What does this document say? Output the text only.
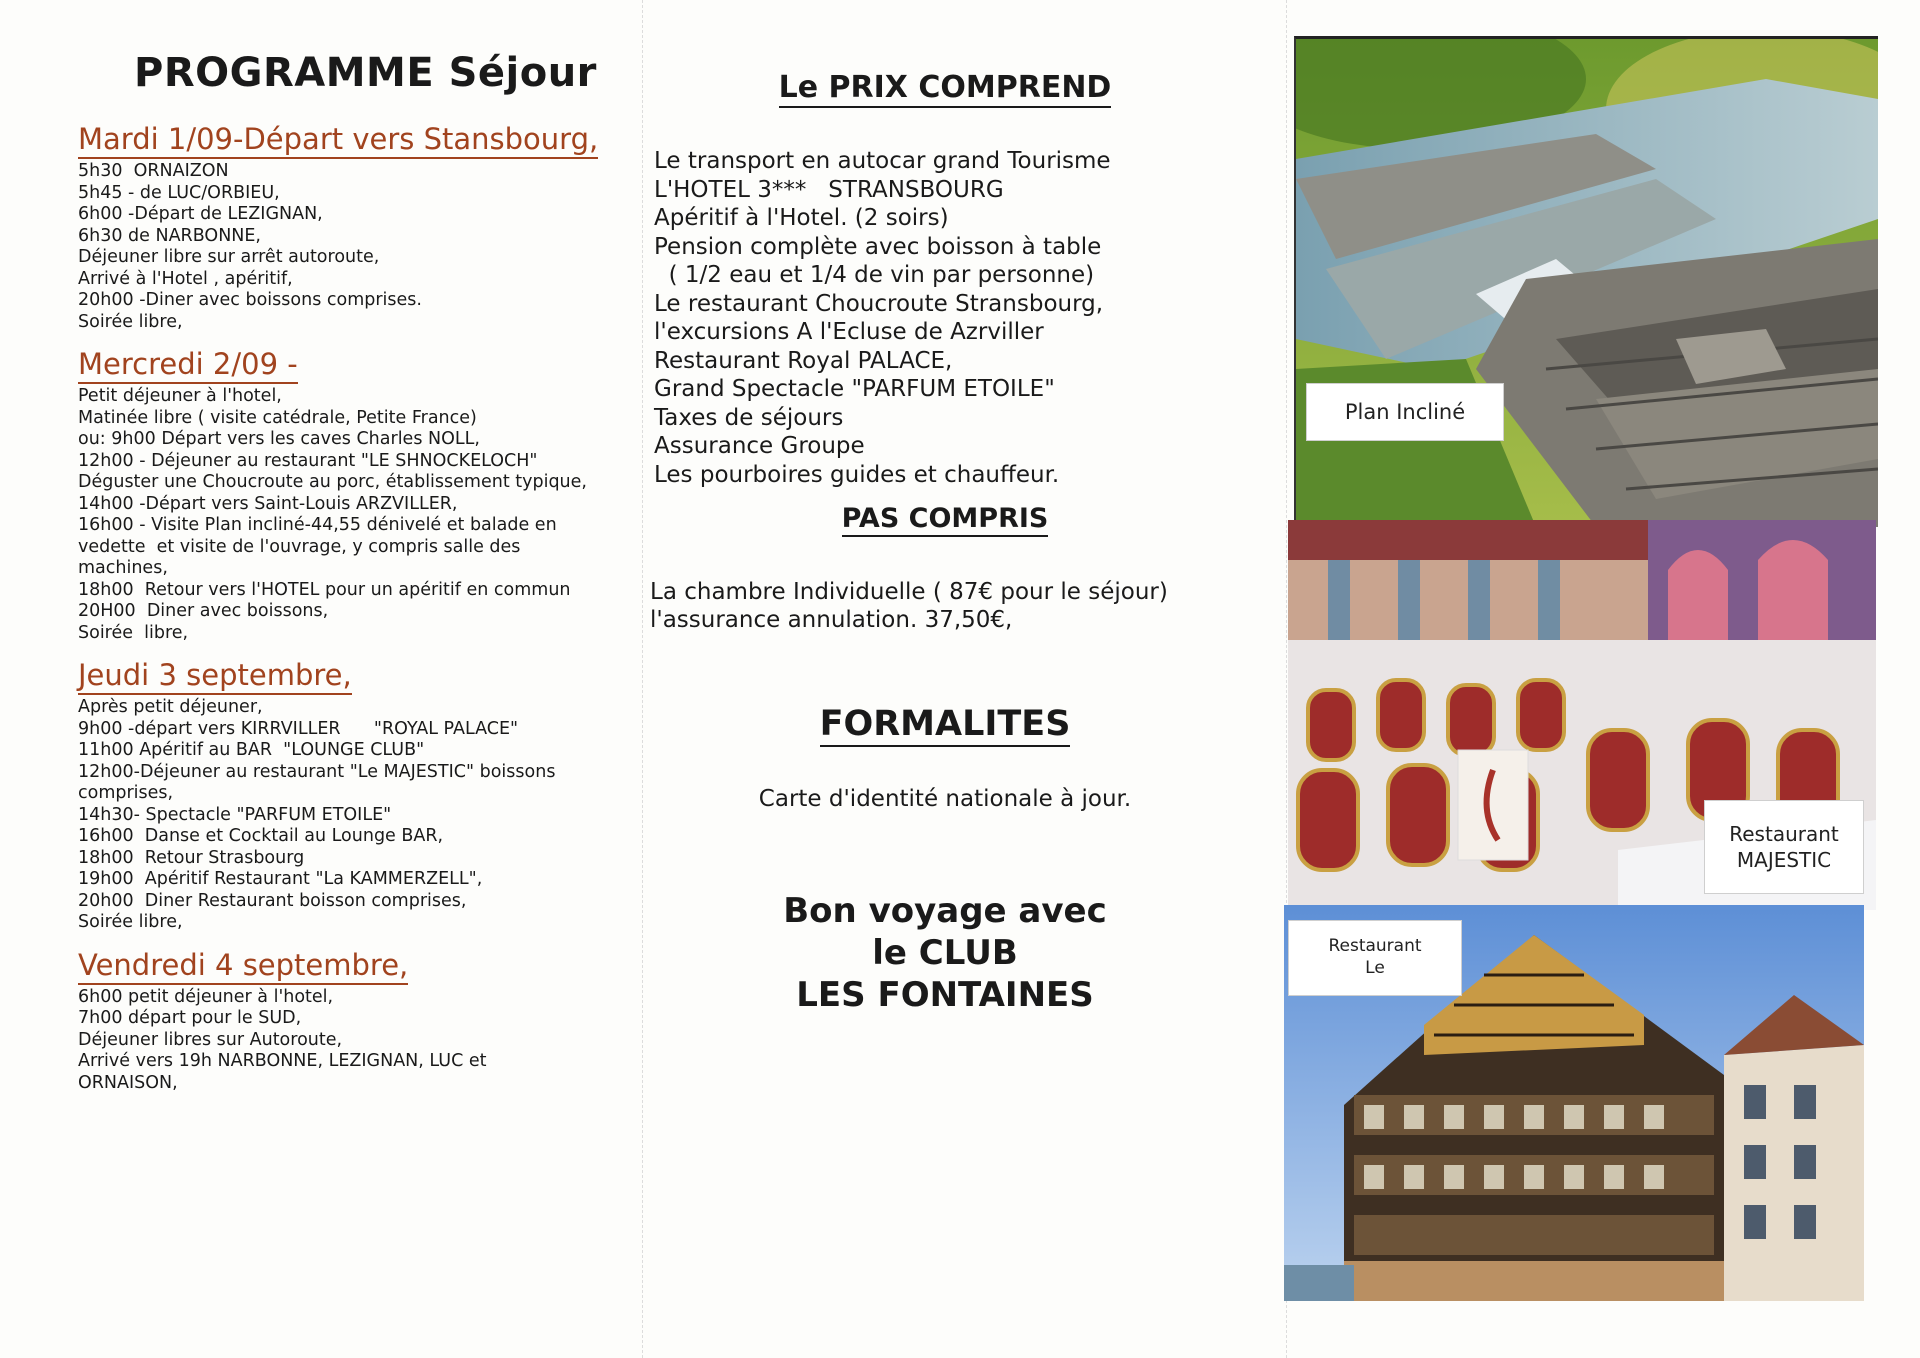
PROGRAMME Séjour
Mardi 1/09-Départ vers Stansbourg,
5h30  ORNAIZON
5h45 - de LUC/ORBIEU,
6h00 -Départ de LEZIGNAN,
6h30 de NARBONNE,
Déjeuner libre sur arrêt autoroute,
Arrivé à l'Hotel , apéritif,
20h00 -Diner avec boissons comprises.
Soirée libre,
Mercredi 2/09 -
Petit déjeuner à l'hotel,
Matinée libre ( visite catédrale, Petite France)
ou: 9h00 Départ vers les caves Charles NOLL,
12h00 - Déjeuner au restaurant "LE SHNOCKELOCH"
Déguster une Choucroute au porc, établissement typique,
14h00 -Départ vers Saint-Louis ARZVILLER,
16h00 - Visite Plan incliné-44,55 dénivelé et balade en
vedette  et visite de l'ouvrage, y compris salle des
machines,
18h00  Retour vers l'HOTEL pour un apéritif en commun
20H00  Diner avec boissons,
Soirée  libre,
Jeudi 3 septembre,
Après petit déjeuner,
9h00 -départ vers KIRRVILLER      "ROYAL PALACE"
11h00 Apéritif au BAR  "LOUNGE CLUB"
12h00-Déjeuner au restaurant "Le MAJESTIC" boissons
comprises,
14h30- Spectacle "PARFUM ETOILE"
16h00  Danse et Cocktail au Lounge BAR,
18h00  Retour Strasbourg
19h00  Apéritif Restaurant "La KAMMERZELL",
20h00  Diner Restaurant boisson comprises,
Soirée libre,
Vendredi 4 septembre,
6h00 petit déjeuner à l'hotel,
7h00 départ pour le SUD,
Déjeuner libres sur Autoroute,
Arrivé vers 19h NARBONNE, LEZIGNAN, LUC et
ORNAISON,
Le PRIX COMPREND
Le transport en autocar grand Tourisme
L'HOTEL 3***   STRANSBOURG
Apéritif à l'Hotel. (2 soirs)
Pension complète avec boisson à table
( 1/2 eau et 1/4 de vin par personne)
Le restaurant Choucroute Stransbourg,
l'excursions A l'Ecluse de Azrviller
Restaurant Royal PALACE,
Grand Spectacle "PARFUM ETOILE"
Taxes de séjours
Assurance Groupe
Les pourboires guides et chauffeur.
PAS COMPRIS
La chambre Individuelle ( 87€ pour le séjour)
l'assurance annulation. 37,50€,
FORMALITES
Carte d'identité nationale à jour.
Bon voyage avec
le CLUB
LES FONTAINES
Plan Incliné
Restaurant
MAJESTIC
Restaurant
Le
